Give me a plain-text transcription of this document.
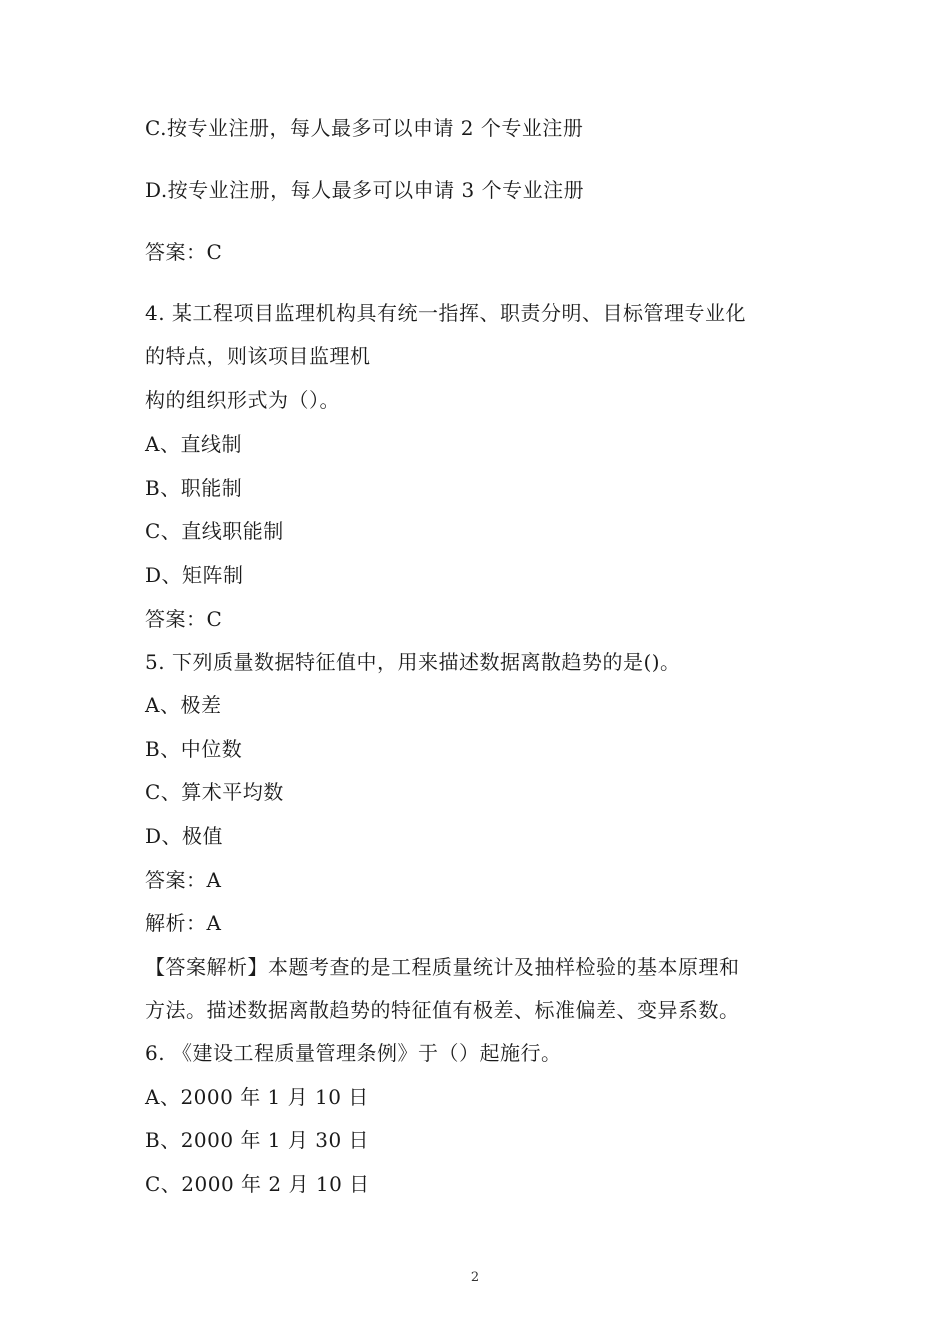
C.按专业注册，每人最多可以申请 2 个专业注册
D.按专业注册，每人最多可以申请 3 个专业注册
答案：C
4. 某工程项目监理机构具有统一指挥、职责分明、目标管理专业化
的特点，则该项目监理机
构的组织形式为（）。
A、直线制
B、职能制
C、直线职能制
D、矩阵制
答案：C
5. 下列质量数据特征值中，用来描述数据离散趋势的是()。
A、极差
B、中位数
C、算术平均数
D、极值
答案：A
解析：A
【答案解析】本题考查的是工程质量统计及抽样检验的基本原理和
方法。描述数据离散趋势的特征值有极差、标准偏差、变异系数。
6. 《建设工程质量管理条例》于（）起施行。
A、2000 年 1 月 10 日
B、2000 年 1 月 30 日
C、2000 年 2 月 10 日
2
